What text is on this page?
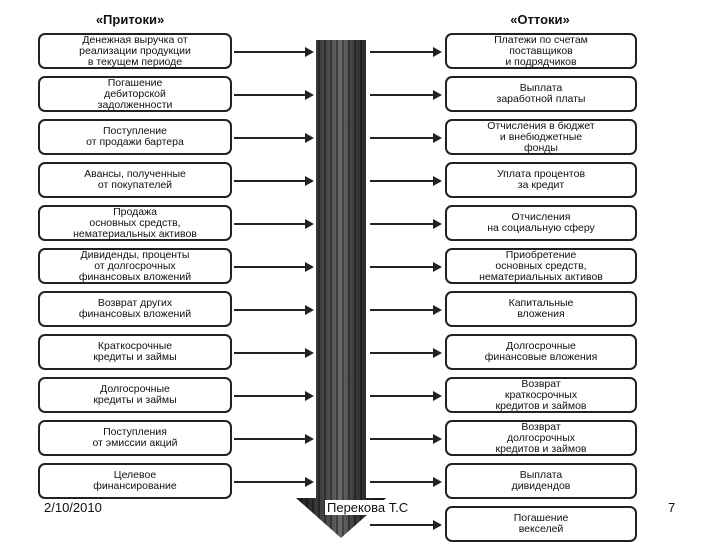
«Притоки»	«Оттоки»
Денежная выручка от
реализации продукции
в текущем периоде
Погашение
дебиторской
задолженности
Поступление
от продажи бартера
Авансы, полученные
от покупателей
Продажа
основных средств,
нематериальных активов
Дивиденды, проценты
от долгосрочных
финансовых вложений
Возврат других
финансовых вложений
Краткосрочные
кредиты и займы
Долгосрочные
кредиты и займы
Поступления
от эмиссии акций
Целевое
финансирование
Платежи по счетам
поставщиков
и подрядчиков
Выплата
заработной платы
Отчисления в бюджет
и внебюджетные
фонды
Уплата процентов
за кредит
Отчисления
на социальную сферу
Приобретение
основных средств,
нематериальных активов
Капитальные
вложения
Долгосрочные
финансовые вложения
Возврат
краткосрочных
кредитов и займов
Возврат
долгосрочных
кредитов и займов
Выплата
дивидендов
Погашение
векселей
2/10/2010	Перекова Т.С	7
